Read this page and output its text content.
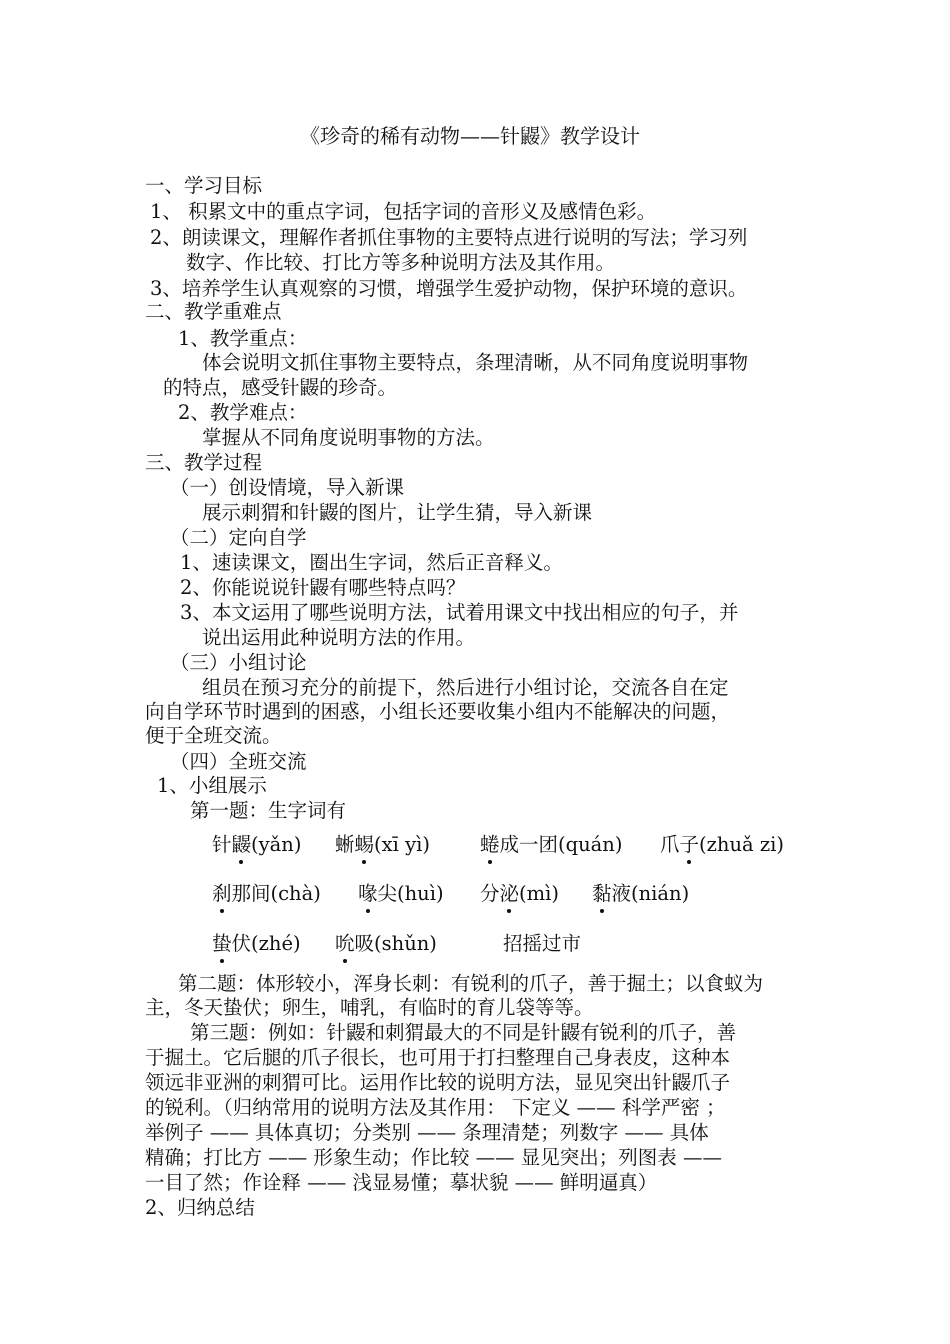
《珍奇的稀有动物——针鼹》教学设计
一、学习目标
1、 积累文中的重点字词，包括字词的音形义及感情色彩。
2、朗读课文，理解作者抓住事物的主要特点进行说明的写法；学习列
数字、作比较、打比方等多种说明方法及其作用。
3、培养学生认真观察的习惯，增强学生爱护动物，保护环境的意识。
二、教学重难点
1、教学重点：
体会说明文抓住事物主要特点，条理清晰，从不同角度说明事物
的特点，感受针鼹的珍奇。
2、教学难点：
掌握从不同角度说明事物的方法。
三、教学过程
（一）创设情境，导入新课
展示刺猬和针鼹的图片，让学生猜，导入新课
（二）定向自学
1、速读课文，圈出生字词，然后正音释义。
2、你能说说针鼹有哪些特点吗？
3、本文运用了哪些说明方法，试着用课文中找出相应的句子，并
说出运用此种说明方法的作用。
（三）小组讨论
组员在预习充分的前提下，然后进行小组讨论，交流各自在定
向自学环节时遇到的困惑，小组长还要收集小组内不能解决的问题，
便于全班交流。
（四）全班交流
1、小组展示
第一题：生字词有
针鼹(yǎn) 蜥蜴(xī yì)	蜷成一团(quán) 爪子(zhuǎ zi)
刹那间(chà) 喙尖(huì) 分泌(mì) 黏液(nián)
蛰伏(zhé) 吮吸(shǔn)	招摇过市
第二题：体形较小，浑身长刺：有锐利的爪子，善于掘土；以食蚁为
主，冬天蛰伏；卵生，哺乳，有临时的育儿袋等等。
第三题：例如：针鼹和刺猬最大的不同是针鼹有锐利的爪子，善
于掘土。它后腿的爪子很长，也可用于打扫整理自己身表皮，这种本
领远非亚洲的刺猬可比。运用作比较的说明方法，显见突出针鼹爪子
的锐利。（归纳常用的说明方法及其作用： 下定义 —— 科学严密 ；
举例子 —— 具体真切；分类别 —— 条理清楚；列数字 —— 具体
精确；打比方 —— 形象生动；作比较 —— 显见突出；列图表 ——
一目了然；作诠释 —— 浅显易懂；摹状貌 —— 鲜明逼真）
2、归纳总结
